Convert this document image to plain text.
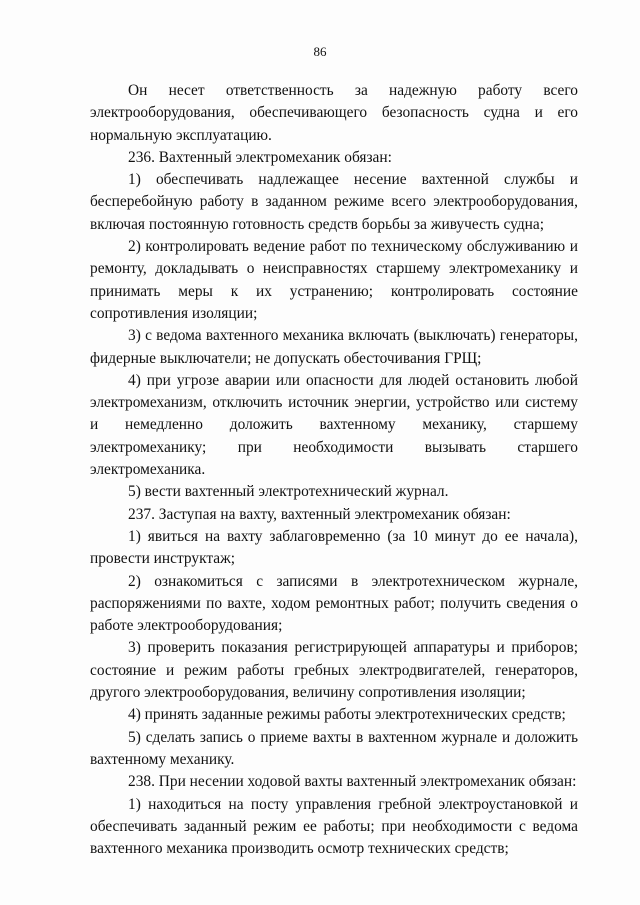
86

Он несет ответственность за надежную работу всего электрооборудования, обеспечивающего безопасность судна и его нормальную эксплуатацию.

236. Вахтенный электромеханик обязан:

1) обеспечивать надлежащее несение вахтенной службы и бесперебойную работу в заданном режиме всего электрооборудования, включая постоянную готовность средств борьбы за живучесть судна;

2) контролировать ведение работ по техническому обслуживанию и ремонту, докладывать о неисправностях старшему электромеханику и принимать меры к их устранению; контролировать состояние сопротивления изоляции;

3) с ведома вахтенного механика включать (выключать) генераторы, фидерные выключатели; не допускать обесточивания ГРЩ;

4) при угрозе аварии или опасности для людей остановить любой электромеханизм, отключить источник энергии, устройство или систему и немедленно доложить вахтенному механику, старшему электромеханику; при необходимости вызывать старшего электромеханика.

5) вести вахтенный электротехнический журнал.

237. Заступая на вахту, вахтенный электромеханик обязан:

1) явиться на вахту заблаговременно (за 10 минут до ее начала), провести инструктаж;

2) ознакомиться с записями в электротехническом журнале, распоряжениями по вахте, ходом ремонтных работ; получить сведения о работе электрооборудования;

3) проверить показания регистрирующей аппаратуры и приборов; состояние и режим работы гребных электродвигателей, генераторов, другого электрооборудования, величину сопротивления изоляции;

4) принять заданные режимы работы электротехнических средств;

5) сделать запись о приеме вахты в вахтенном журнале и доложить вахтенному механику.

238. При несении ходовой вахты вахтенный электромеханик обязан:

1) находиться на посту управления гребной электроустановкой и обеспечивать заданный режим ее работы; при необходимости с ведома вахтенного механика производить осмотр технических средств;
